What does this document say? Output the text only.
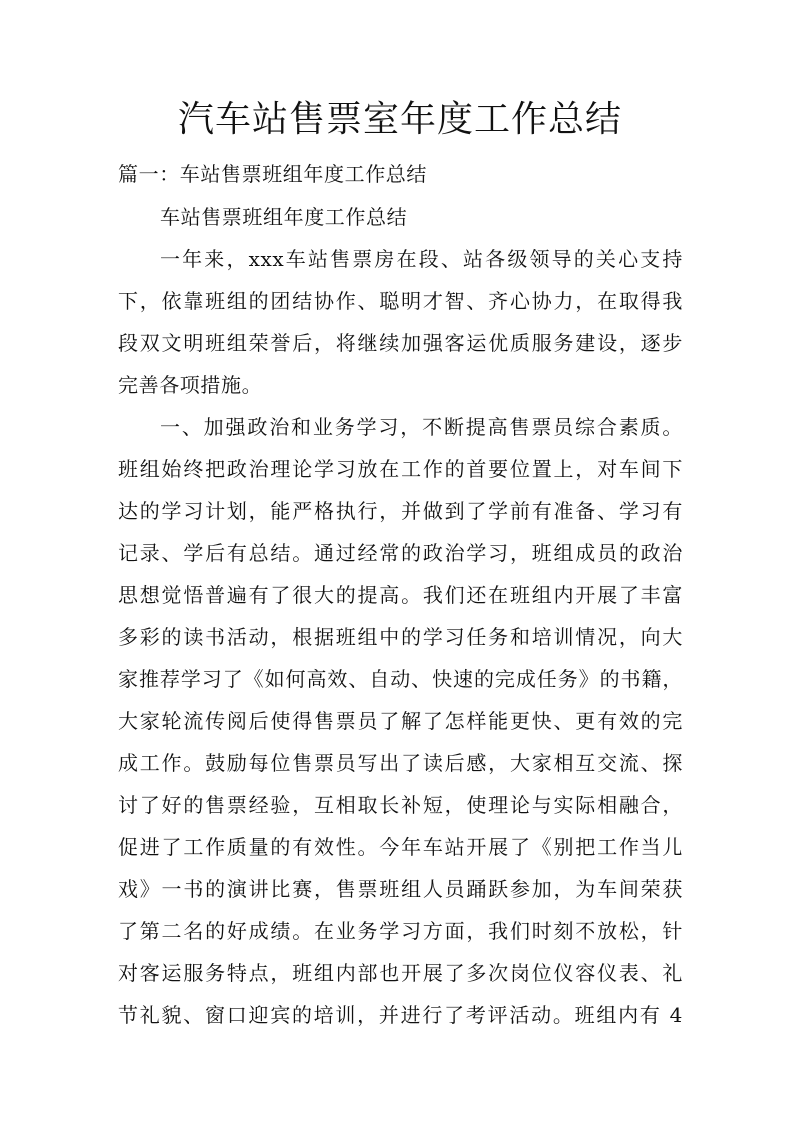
汽车站售票室年度工作总结
篇一：车站售票班组年度工作总结
车站售票班组年度工作总结
一年来，xxx车站售票房在段、站各级领导的关心支持
下，依靠班组的团结协作、聪明才智、齐心协力，在取得我
段双文明班组荣誉后，将继续加强客运优质服务建设，逐步
完善各项措施。
一、加强政治和业务学习，不断提高售票员综合素质。
班组始终把政治理论学习放在工作的首要位置上，对车间下
达的学习计划，能严格执行，并做到了学前有准备、学习有
记录、学后有总结。通过经常的政治学习，班组成员的政治
思想觉悟普遍有了很大的提高。我们还在班组内开展了丰富
多彩的读书活动，根据班组中的学习任务和培训情况，向大
家推荐学习了《如何高效、自动、快速的完成任务》的书籍，
大家轮流传阅后使得售票员了解了怎样能更快、更有效的完
成工作。鼓励每位售票员写出了读后感，大家相互交流、探
讨了好的售票经验，互相取长补短，使理论与实际相融合，
促进了工作质量的有效性。今年车站开展了《别把工作当儿
戏》一书的演讲比赛，售票班组人员踊跃参加，为车间荣获
了第二名的好成绩。在业务学习方面，我们时刻不放松，针
对客运服务特点，班组内部也开展了多次岗位仪容仪表、礼
节礼貌、窗口迎宾的培训，并进行了考评活动。班组内有 4
